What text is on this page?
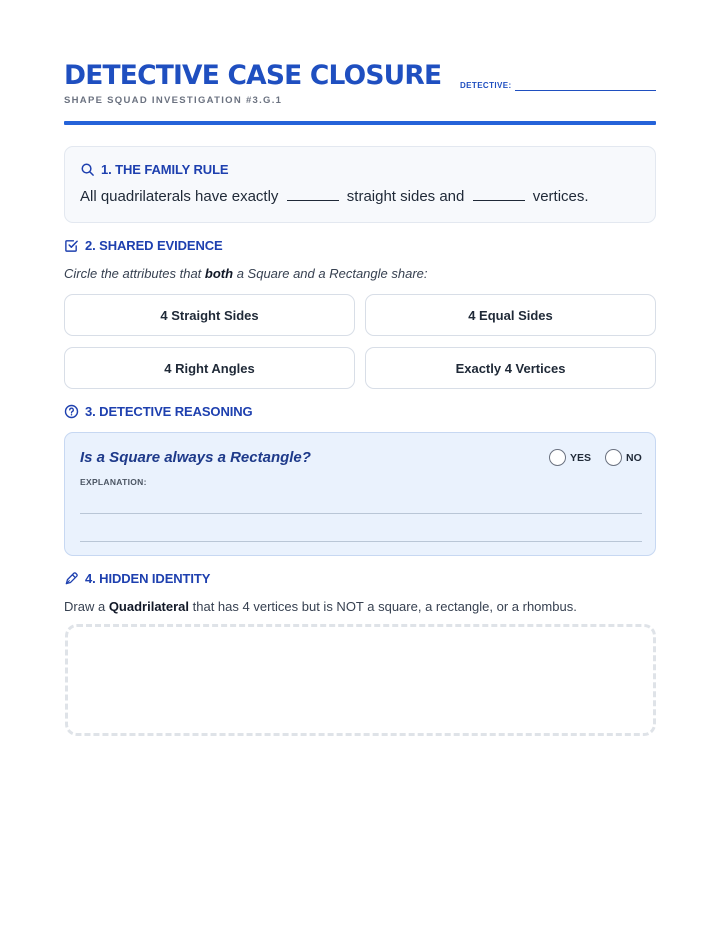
DETECTIVE CASE CLOSURE
SHAPE SQUAD INVESTIGATION #3.G.1
DETECTIVE:
1. THE FAMILY RULE
All quadrilaterals have exactly	straight sides and	vertices.
2. SHARED EVIDENCE
Circle the attributes that both a Square and a Rectangle share:
4 Straight Sides	4 Equal Sides
4 Right Angles	Exactly 4 Vertices
3. DETECTIVE REASONING
Is a Square always a Rectangle?	YES	NO
EXPLANATION:
4. HIDDEN IDENTITY
Draw a Quadrilateral that has 4 vertices but is NOT a square, a rectangle, or a rhombus.
